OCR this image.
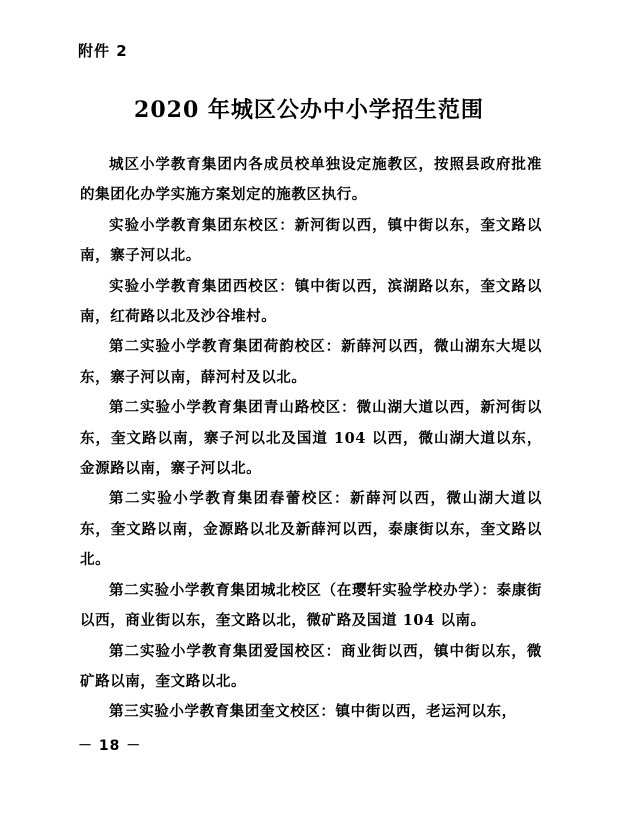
附件 2
2020 年城区公办中小学招生范围

城区小学教育集团内各成员校单独设定施教区，按照县政府批准的集团化办学实施方案划定的施教区执行。

实验小学教育集团东校区：新河街以西，镇中街以东，奎文路以南，寨子河以北。

实验小学教育集团西校区：镇中街以西，滨湖路以东，奎文路以南，红荷路以北及沙谷堆村。

第二实验小学教育集团荷韵校区：新薛河以西，微山湖东大堤以东，寨子河以南，薛河村及以北。

第二实验小学教育集团青山路校区：微山湖大道以西，新河街以东，奎文路以南，寨子河以北及国道 104 以西，微山湖大道以东，金源路以南，寨子河以北。

第二实验小学教育集团春蕾校区：新薛河以西，微山湖大道以东，奎文路以南，金源路以北及新薛河以西，泰康街以东，奎文路以北。

第二实验小学教育集团城北校区（在璎轩实验学校办学）：泰康街以西，商业街以东，奎文路以北，微矿路及国道 104 以南。

第二实验小学教育集团爱国校区：商业街以西，镇中街以东，微矿路以南，奎文路以北。

第三实验小学教育集团奎文校区：镇中街以西，老运河以东，

－ 18 －
